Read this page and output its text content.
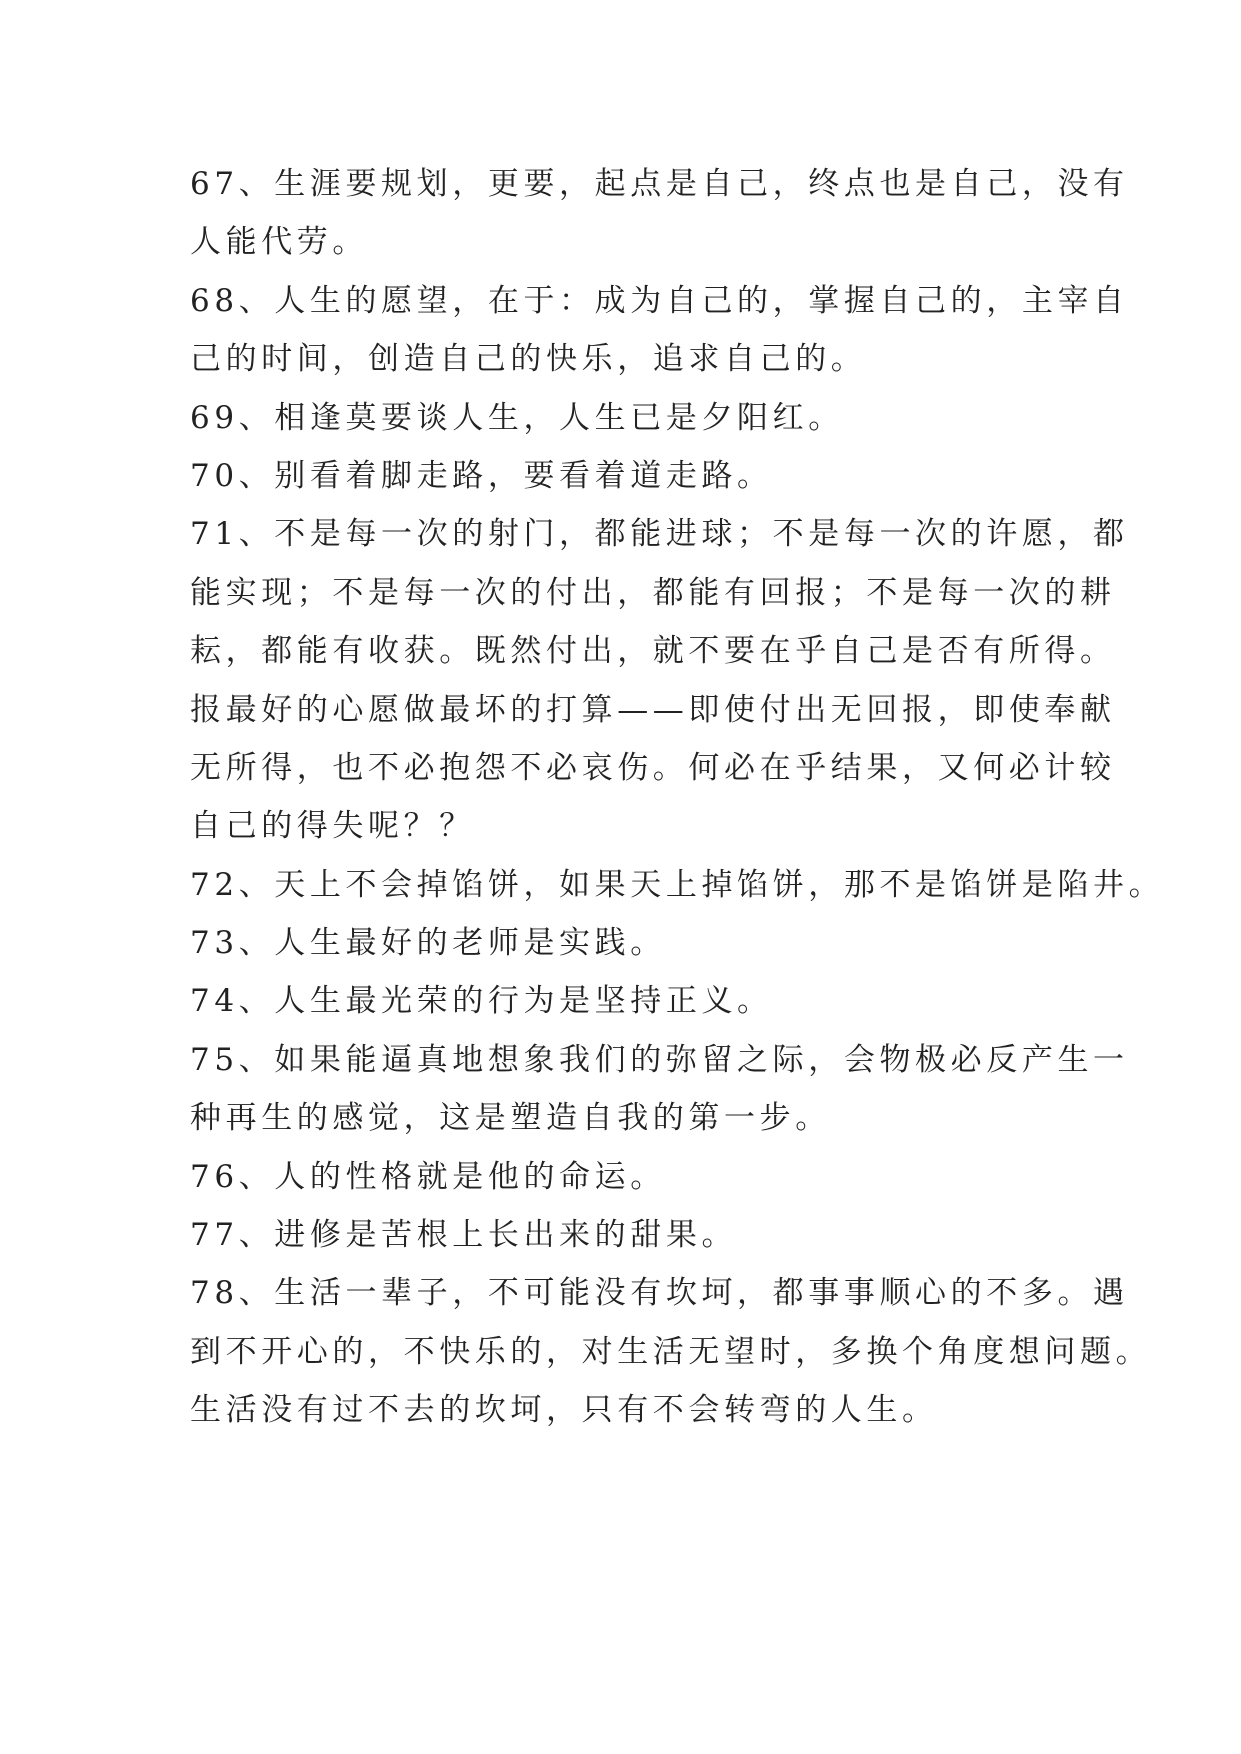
67、生涯要规划，更要，起点是自己，终点也是自己，没有
人能代劳。
68、人生的愿望，在于：成为自己的，掌握自己的，主宰自
己的时间，创造自己的快乐，追求自己的。
69、相逢莫要谈人生，人生已是夕阳红。
70、别看着脚走路，要看着道走路。
71、不是每一次的射门，都能进球；不是每一次的许愿，都
能实现；不是每一次的付出，都能有回报；不是每一次的耕
耘，都能有收获。既然付出，就不要在乎自己是否有所得。
报最好的心愿做最坏的打算——即使付出无回报，即使奉献
无所得，也不必抱怨不必哀伤。何必在乎结果，又何必计较
自己的得失呢？？
72、天上不会掉馅饼，如果天上掉馅饼，那不是馅饼是陷井。
73、人生最好的老师是实践。
74、人生最光荣的行为是坚持正义。
75、如果能逼真地想象我们的弥留之际，会物极必反产生一
种再生的感觉，这是塑造自我的第一步。
76、人的性格就是他的命运。
77、进修是苦根上长出来的甜果。
78、生活一辈子，不可能没有坎坷，都事事顺心的不多。遇
到不开心的，不快乐的，对生活无望时，多换个角度想问题。
生活没有过不去的坎坷，只有不会转弯的人生。
